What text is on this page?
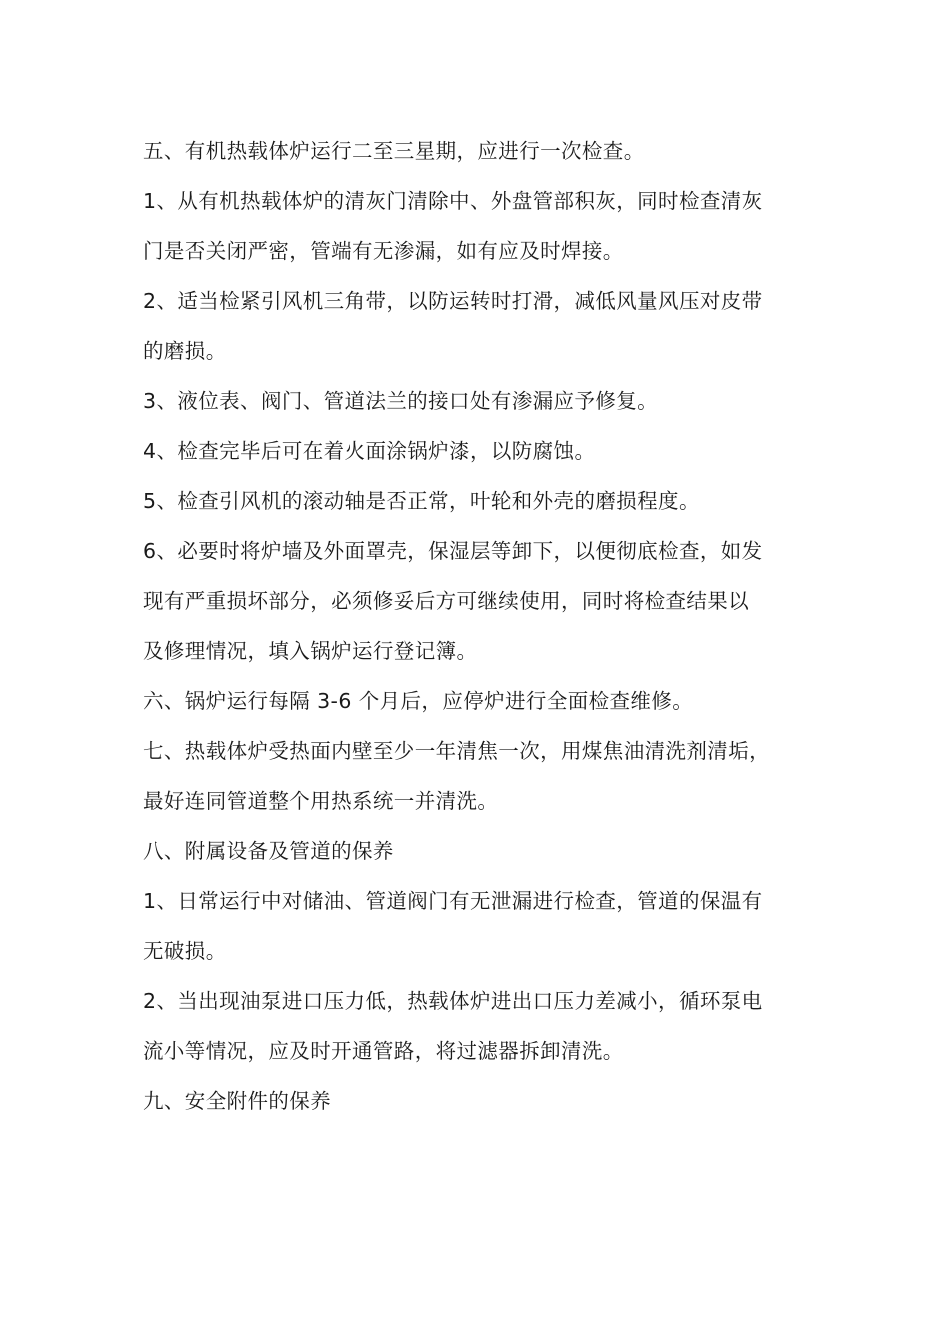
五、有机热载体炉运行二至三星期，应进行一次检查。
1、从有机热载体炉的清灰门清除中、外盘管部积灰，同时检查清灰
门是否关闭严密，管端有无渗漏，如有应及时焊接。
2、适当检紧引风机三角带，以防运转时打滑，减低风量风压对皮带
的磨损。
3、液位表、阀门、管道法兰的接口处有渗漏应予修复。
4、检查完毕后可在着火面涂锅炉漆，以防腐蚀。
5、检查引风机的滚动轴是否正常，叶轮和外壳的磨损程度。
6、必要时将炉墙及外面罩壳，保湿层等卸下，以便彻底检查，如发
现有严重损坏部分，必须修妥后方可继续使用，同时将检查结果以
及修理情况，填入锅炉运行登记簿。
六、锅炉运行每隔 3-6 个月后，应停炉进行全面检查维修。
七、热载体炉受热面内壁至少一年清焦一次，用煤焦油清洗剂清垢，
最好连同管道整个用热系统一并清洗。
八、附属设备及管道的保养
1、日常运行中对储油、管道阀门有无泄漏进行检查，管道的保温有
无破损。
2、当出现油泵进口压力低，热载体炉进出口压力差减小，循环泵电
流小等情况，应及时开通管路，将过滤器拆卸清洗。
九、安全附件的保养
